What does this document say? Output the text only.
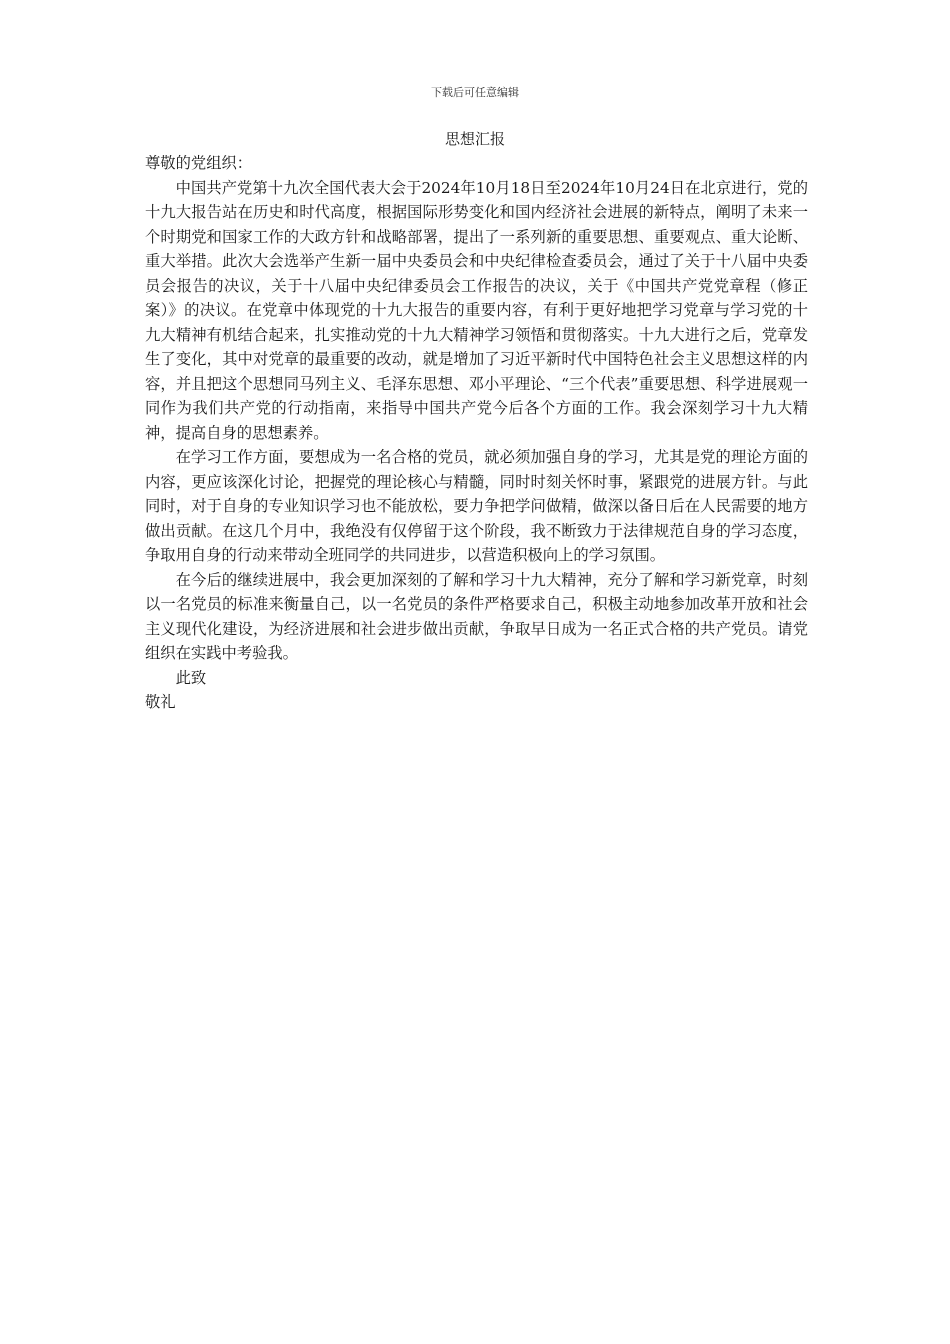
下载后可任意编辑
思想汇报

尊敬的党组织：

中国共产党第十九次全国代表大会于2024年10月18日至2024年10月24日在北京进行，党的十九大报告站在历史和时代高度，根据国际形势变化和国内经济社会进展的新特点，阐明了未来一个时期党和国家工作的大政方针和战略部署，提出了一系列新的重要思想、重要观点、重大论断、重大举措。此次大会选举产生新一届中央委员会和中央纪律检查委员会，通过了关于十八届中央委员会报告的决议，关于十八届中央纪律委员会工作报告的决议，关于《中国共产党党章程（修正案）》的决议。在党章中体现党的十九大报告的重要内容，有利于更好地把学习党章与学习党的十九大精神有机结合起来，扎实推动党的十九大精神学习领悟和贯彻落实。十九大进行之后，党章发生了变化，其中对党章的最重要的改动，就是增加了习近平新时代中国特色社会主义思想这样的内容，并且把这个思想同马列主义、毛泽东思想、邓小平理论、“三个代表”重要思想、科学进展观一同作为我们共产党的行动指南，来指导中国共产党今后各个方面的工作。我会深刻学习十九大精神，提高自身的思想素养。

在学习工作方面，要想成为一名合格的党员，就必须加强自身的学习，尤其是党的理论方面的内容，更应该深化讨论，把握党的理论核心与精髓，同时时刻关怀时事，紧跟党的进展方针。与此同时，对于自身的专业知识学习也不能放松，要力争把学问做精，做深以备日后在人民需要的地方做出贡献。在这几个月中，我绝没有仅停留于这个阶段，我不断致力于法律规范自身的学习态度，争取用自身的行动来带动全班同学的共同进步，以营造积极向上的学习氛围。

在今后的继续进展中，我会更加深刻的了解和学习十九大精神，充分了解和学习新党章，时刻以一名党员的标准来衡量自己，以一名党员的条件严格要求自己，积极主动地参加改革开放和社会主义现代化建设，为经济进展和社会进步做出贡献，争取早日成为一名正式合格的共产党员。请党组织在实践中考验我。

此致

敬礼
